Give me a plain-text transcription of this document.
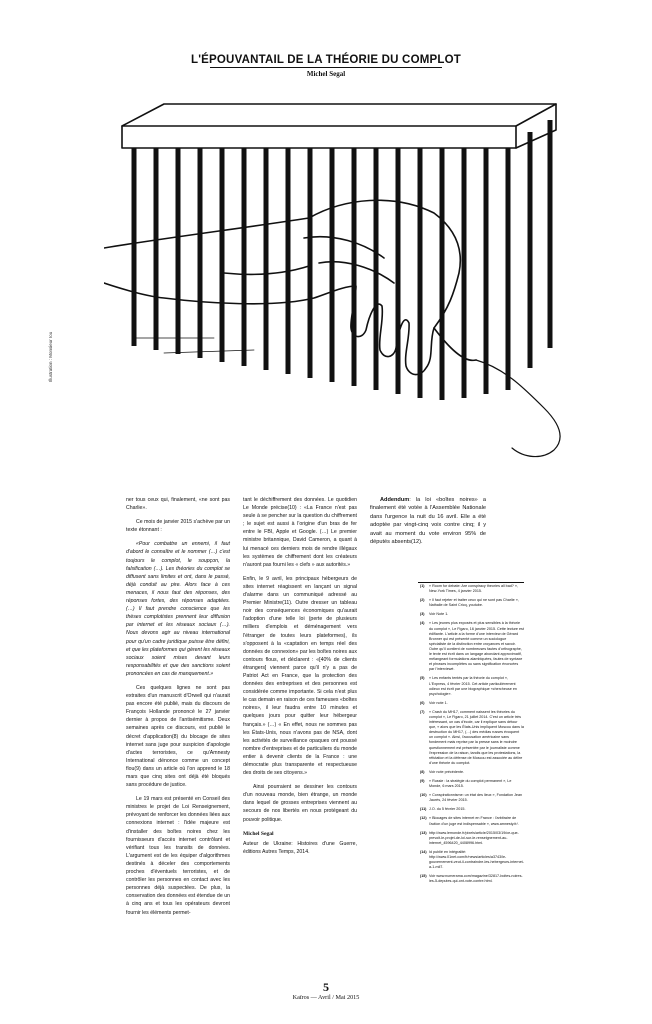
L'ÉPOUVANTAIL DE LA THÉORIE DU COMPLOT
Michel Segal
Illustration : Monsieur Iou

ner tous ceux qui, finalement, «ne sont pas Charlie».

Ce mois de janvier 2015 s'achève par un texte étonnant :

«Pour combattre un ennemi, il faut d'abord le connaître et le nommer (…) c'est toujours le complot, le soupçon, la falsification (…). Les théories du complot se diffusent sans limites et ont, dans le passé, déjà conduit au pire. Alors face à ces menaces, il nous faut des réponses, des réponses fortes, des réponses adaptées. (…) Il faut prendre conscience que les thèses complotistes prennent leur diffusion par internet et les réseaux sociaux (…). Nous devons agir au niveau international pour qu'un cadre juridique puisse être défini, et que les plateformes qui gèrent les réseaux sociaux soient mises devant leurs responsabilités et que des sanctions soient prononcées en cas de manquement.»

Ces quelques lignes ne sont pas extraites d'un manuscrit d'Orwell qui n'aurait pas encore été publié, mais du discours de François Hollande prononcé le 27 janvier dernier à propos de l'antisémitisme. Deux semaines après ce discours, est publié le décret d'application(8) du blocage de sites internet sans juge pour suspicion d'apologie d'actes terroristes, ce qu'Amnesty International dénonce comme un concept flou(9) dans un article où l'on apprend le 18 mars que cinq sites ont déjà été bloqués sans procédure de justice.

Le 19 mars est présenté en Conseil des ministres le projet de Loi Renseignement, prévoyant de renforcer les données liées aux connexions internet : l'idée majeure est d'installer des boîtes noires chez les fournisseurs d'accès internet contrôlant et vérifiant tous les transits de données. L'argument est de les équiper d'algorithmes destinés à déceler des comportements proches d'éventuels terroristes, et de contrôler les personnes en contact avec les personnes déjà suspectées. De plus, la conservation des données est étendue de un à cinq ans et tous les opérateurs devront fournir les éléments permet-

tant le déchiffrement des données. Le quotidien Le Monde précise(10) : «La France n'est pas seule à se pencher sur la question du chiffrement ; le sujet est aussi à l'origine d'un bras de fer entre le FBI, Apple et Google. (…) Le premier ministre britannique, David Cameron, a quant à lui menacé ces derniers mois de rendre illégaux les systèmes de chiffrement dont les créateurs n'auront pas fourni les « clefs » aux autorités.»

Enfin, le 9 avril, les principaux hébergeurs de sites internet réagissent en lançant un signal d'alarme dans un communiqué adressé au Premier Ministre(11). Outre dresser un tableau noir des conséquences économiques qu'aurait l'adoption d'une telle loi (perte de plusieurs milliers d'emplois et déménagement vers l'étranger de toutes leurs plateformes), ils s'opposent à la «captation en temps réel des données de connexion» par les boîtes noires aux contours flous, et déclarent : «[40% de clients étrangers] viennent parce qu'il n'y a pas de Patriot Act en France, que la protection des données des entreprises et des personnes est considérée comme importante. Si cela n'est plus le cas demain en raison de ces fameuses «boîtes noires», il leur faudra entre 10 minutes et quelques jours pour quitter leur hébergeur français.» (…) « En effet, nous ne sommes pas les États-Unis, nous n'avons pas de NSA, dont les activités de surveillance opaques ont poussé nombre d'entreprises et de particuliers du monde entier à devenir clients de la France : une démocratie plus transparente et respectueuse des droits de ses citoyens.»

Ainsi pourraient se dessiner les contours d'un nouveau monde, bien étrange, un monde dans lequel de grosses entreprises viennent au secours de nos libertés en nous protégeant du pouvoir politique.

Michel Segal

Auteur de Ukraine: Histoires d'une Guerre, éditions Autres Temps, 2014.

Addendum: la loi «boîtes noires» a finalement été votée à l'Assemblée Nationale dans l'urgence la nuit du 16 avril. Elle a été adoptée par vingt-cinq voix contre cinq; il y avait au moment du vote environ 95% de députés absents(12).

(1)	« Room for debate: Are conspiracy theories all bad? », New-York Times, 4 janvier 2015.
(2)	« Il faut rejeter et traiter ceux qui ne sont pas Charlie », Nathalie de Saint Cricq, youtube.
(3)	Voir Note 1.
(4)	« Les jeunes plus exposés et plus sensibles à la théorie du complot », Le Figaro, 16 janvier 2015. Cette lecture est édifiante. L'article a la forme d'une interview de Gérard Bronner qui est présenté comme un sociologue spécialiste de la distinction entre croyances et savoir. Outre qu'il contient de nombreuses fautes d'orthographe, le texte est écrit dans un langage abondant approximatif, mélangeant formulations alambiquées, fautes de syntaxe et phrases incomplètes ou sans signification énoncées par l'interviewé.
(5)	« Les enfants tentés par la théorie du complot », L'Express, 4 février 2015. Cet article particulièrement odieux est écrit par une biographique «chercheuse en psychologie».
(6)	Voir note 1.
(7)	« Crash du MH17, comment naissent les théories du complot », Le Figaro, 21 juillet 2014. C'est un article très intéressant, un cas d'école, car il explique sans détour que, « alors que les États-Unis impliquent Moscou dans la destruction du MH17, (…) des médias russes évoquent un complot ». Ainsi, l'accusation américaine sans fondement mais reprise par la presse sans le moindre questionnement est présentée par le journaliste comme l'expression de la raison, tandis que les protestations, la réfutation et la défense de Moscou est associée au délire d'une théorie du complot.
(8)	Voir note précédente.
(9)	« Russie : la stratégie du complot permanent », Le Monde, 6 mars 2015.
(10) « Conspirationnisme: un état des lieux », Fondation Jean Jaurès, 24 février 2015.
(11) J.O. du 5 février 2015.
(12) « Blocages de sites internet en France : l'arbitraire de l'action d'un juge est indispensable », www.amnesty.fr/.
(13) http://www.lemonde.fr/pixels/article/2015/03/19/ce-que-prevoit-le-projet-de-loi-sur-le-renseignement-au-internet_4596420_4408996.html.
(14) Id publié en intégralité: http://www.01net.com/fr/news/articles/a3743/le-gouvernement-veut-il-contraindre-les-hebergeurs-internet-a-1-mil7.
(15) Voir www.numerama.com/magazine/32817-boites-noires-les-5-deputes-qui-ont-vote-contre.html.
5
Kaïros — Avril / Mai 2015
